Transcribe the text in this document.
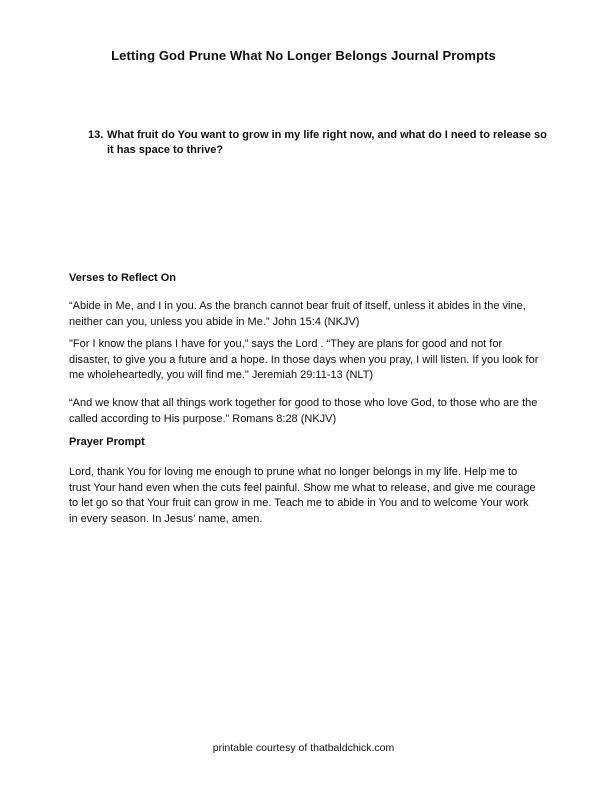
Letting God Prune What No Longer Belongs Journal Prompts
13. What fruit do You want to grow in my life right now, and what do I need to release so it has space to thrive?
Verses to Reflect On
“Abide in Me, and I in you. As the branch cannot bear fruit of itself, unless it abides in the vine, neither can you, unless you abide in Me.” John 15:4 (NKJV)
"For I know the plans I have for you,” says the Lord . “They are plans for good and not for disaster, to give you a future and a hope. In those days when you pray, I will listen. If you look for me wholeheartedly, you will find me." Jeremiah 29:11-13 (NLT)
“And we know that all things work together for good to those who love God, to those who are the called according to His purpose.” Romans 8:28 (NKJV)
Prayer Prompt
Lord, thank You for loving me enough to prune what no longer belongs in my life. Help me to trust Your hand even when the cuts feel painful. Show me what to release, and give me courage to let go so that Your fruit can grow in me. Teach me to abide in You and to welcome Your work in every season. In Jesus’ name, amen.
printable courtesy of thatbaldchick.com
